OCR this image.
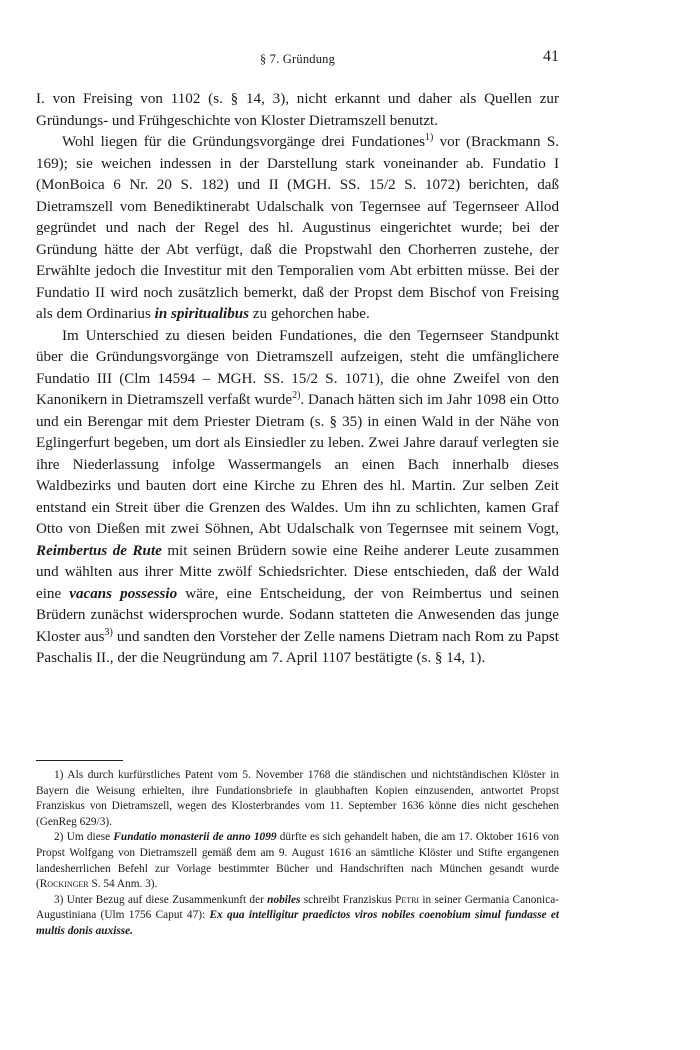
§ 7. Gründung	41

I. von Freising von 1102 (s. § 14, 3), nicht erkannt und daher als Quellen zur Gründungs- und Frühgeschichte von Kloster Dietramszell benutzt.

Wohl liegen für die Gründungsvorgänge drei Fundationes$^{1)}$ vor (Brackmann S. 169); sie weichen indessen in der Darstellung stark voneinander ab. Fundatio I (MonBoica 6 Nr. 20 S. 182) und II (MGH. SS. 15/2 S. 1072) berichten, daß Dietramszell vom Benediktinerabt Udalschalk von Tegernsee auf Tegernseer Allod gegründet und nach der Regel des hl. Augustinus eingerichtet wurde; bei der Gründung hätte der Abt verfügt, daß die Propstwahl den Chorherren zustehe, der Erwählte jedoch die Investitur mit den Temporalien vom Abt erbitten müsse. Bei der Fundatio II wird noch zusätzlich bemerkt, daß der Propst dem Bischof von Freising als dem Ordinarius in spiritualibus zu gehorchen habe.

Im Unterschied zu diesen beiden Fundationes, die den Tegernseer Standpunkt über die Gründungsvorgänge von Dietramszell aufzeigen, steht die umfänglichere Fundatio III (Clm 14594 – MGH. SS. 15/2 S. 1071), die ohne Zweifel von den Kanonikern in Dietramszell verfaßt wurde$^{2)}$. Danach hätten sich im Jahr 1098 ein Otto und ein Berengar mit dem Priester Dietram (s. § 35) in einen Wald in der Nähe von Eglingerfurt begeben, um dort als Einsiedler zu leben. Zwei Jahre darauf verlegten sie ihre Niederlassung infolge Wassermangels an einen Bach innerhalb dieses Waldbezirks und bauten dort eine Kirche zu Ehren des hl. Martin. Zur selben Zeit entstand ein Streit über die Grenzen des Waldes. Um ihn zu schlichten, kamen Graf Otto von Dießen mit zwei Söhnen, Abt Udalschalk von Tegernsee mit seinem Vogt, Reimbertus de Rute mit seinen Brüdern sowie eine Reihe anderer Leute zusammen und wählten aus ihrer Mitte zwölf Schiedsrichter. Diese entschieden, daß der Wald eine vacans possessio wäre, eine Entscheidung, der von Reimbertus und seinen Brüdern zunächst widersprochen wurde. Sodann statteten die Anwesenden das junge Kloster aus$^{3)}$ und sandten den Vorsteher der Zelle namens Dietram nach Rom zu Papst Paschalis II., der die Neugründung am 7. April 1107 bestätigte (s. § 14, 1).

1) Als durch kurfürstliches Patent vom 5. November 1768 die ständischen und nichtständischen Klöster in Bayern die Weisung erhielten, ihre Fundationsbriefe in glaubhaften Kopien einzusenden, antwortet Propst Franziskus von Dietramszell, wegen des Klosterbrandes vom 11. September 1636 könne dies nicht geschehen (GenReg 629/3).

2) Um diese Fundatio monasterii de anno 1099 dürfte es sich gehandelt haben, die am 17. Oktober 1616 von Propst Wolfgang von Dietramszell gemäß dem am 9. August 1616 an sämtliche Klöster und Stifte ergangenen landesherrlichen Befehl zur Vorlage bestimmter Bücher und Handschriften nach München gesandt wurde (Rockinger S. 54 Anm. 3).

3) Unter Bezug auf diese Zusammenkunft der nobiles schreibt Franziskus Petri in seiner Germania Canonica-Augustiniana (Ulm 1756 Caput 47): Ex qua intelligitur praedictos viros nobiles coenobium simul fundasse et multis donis auxisse.
